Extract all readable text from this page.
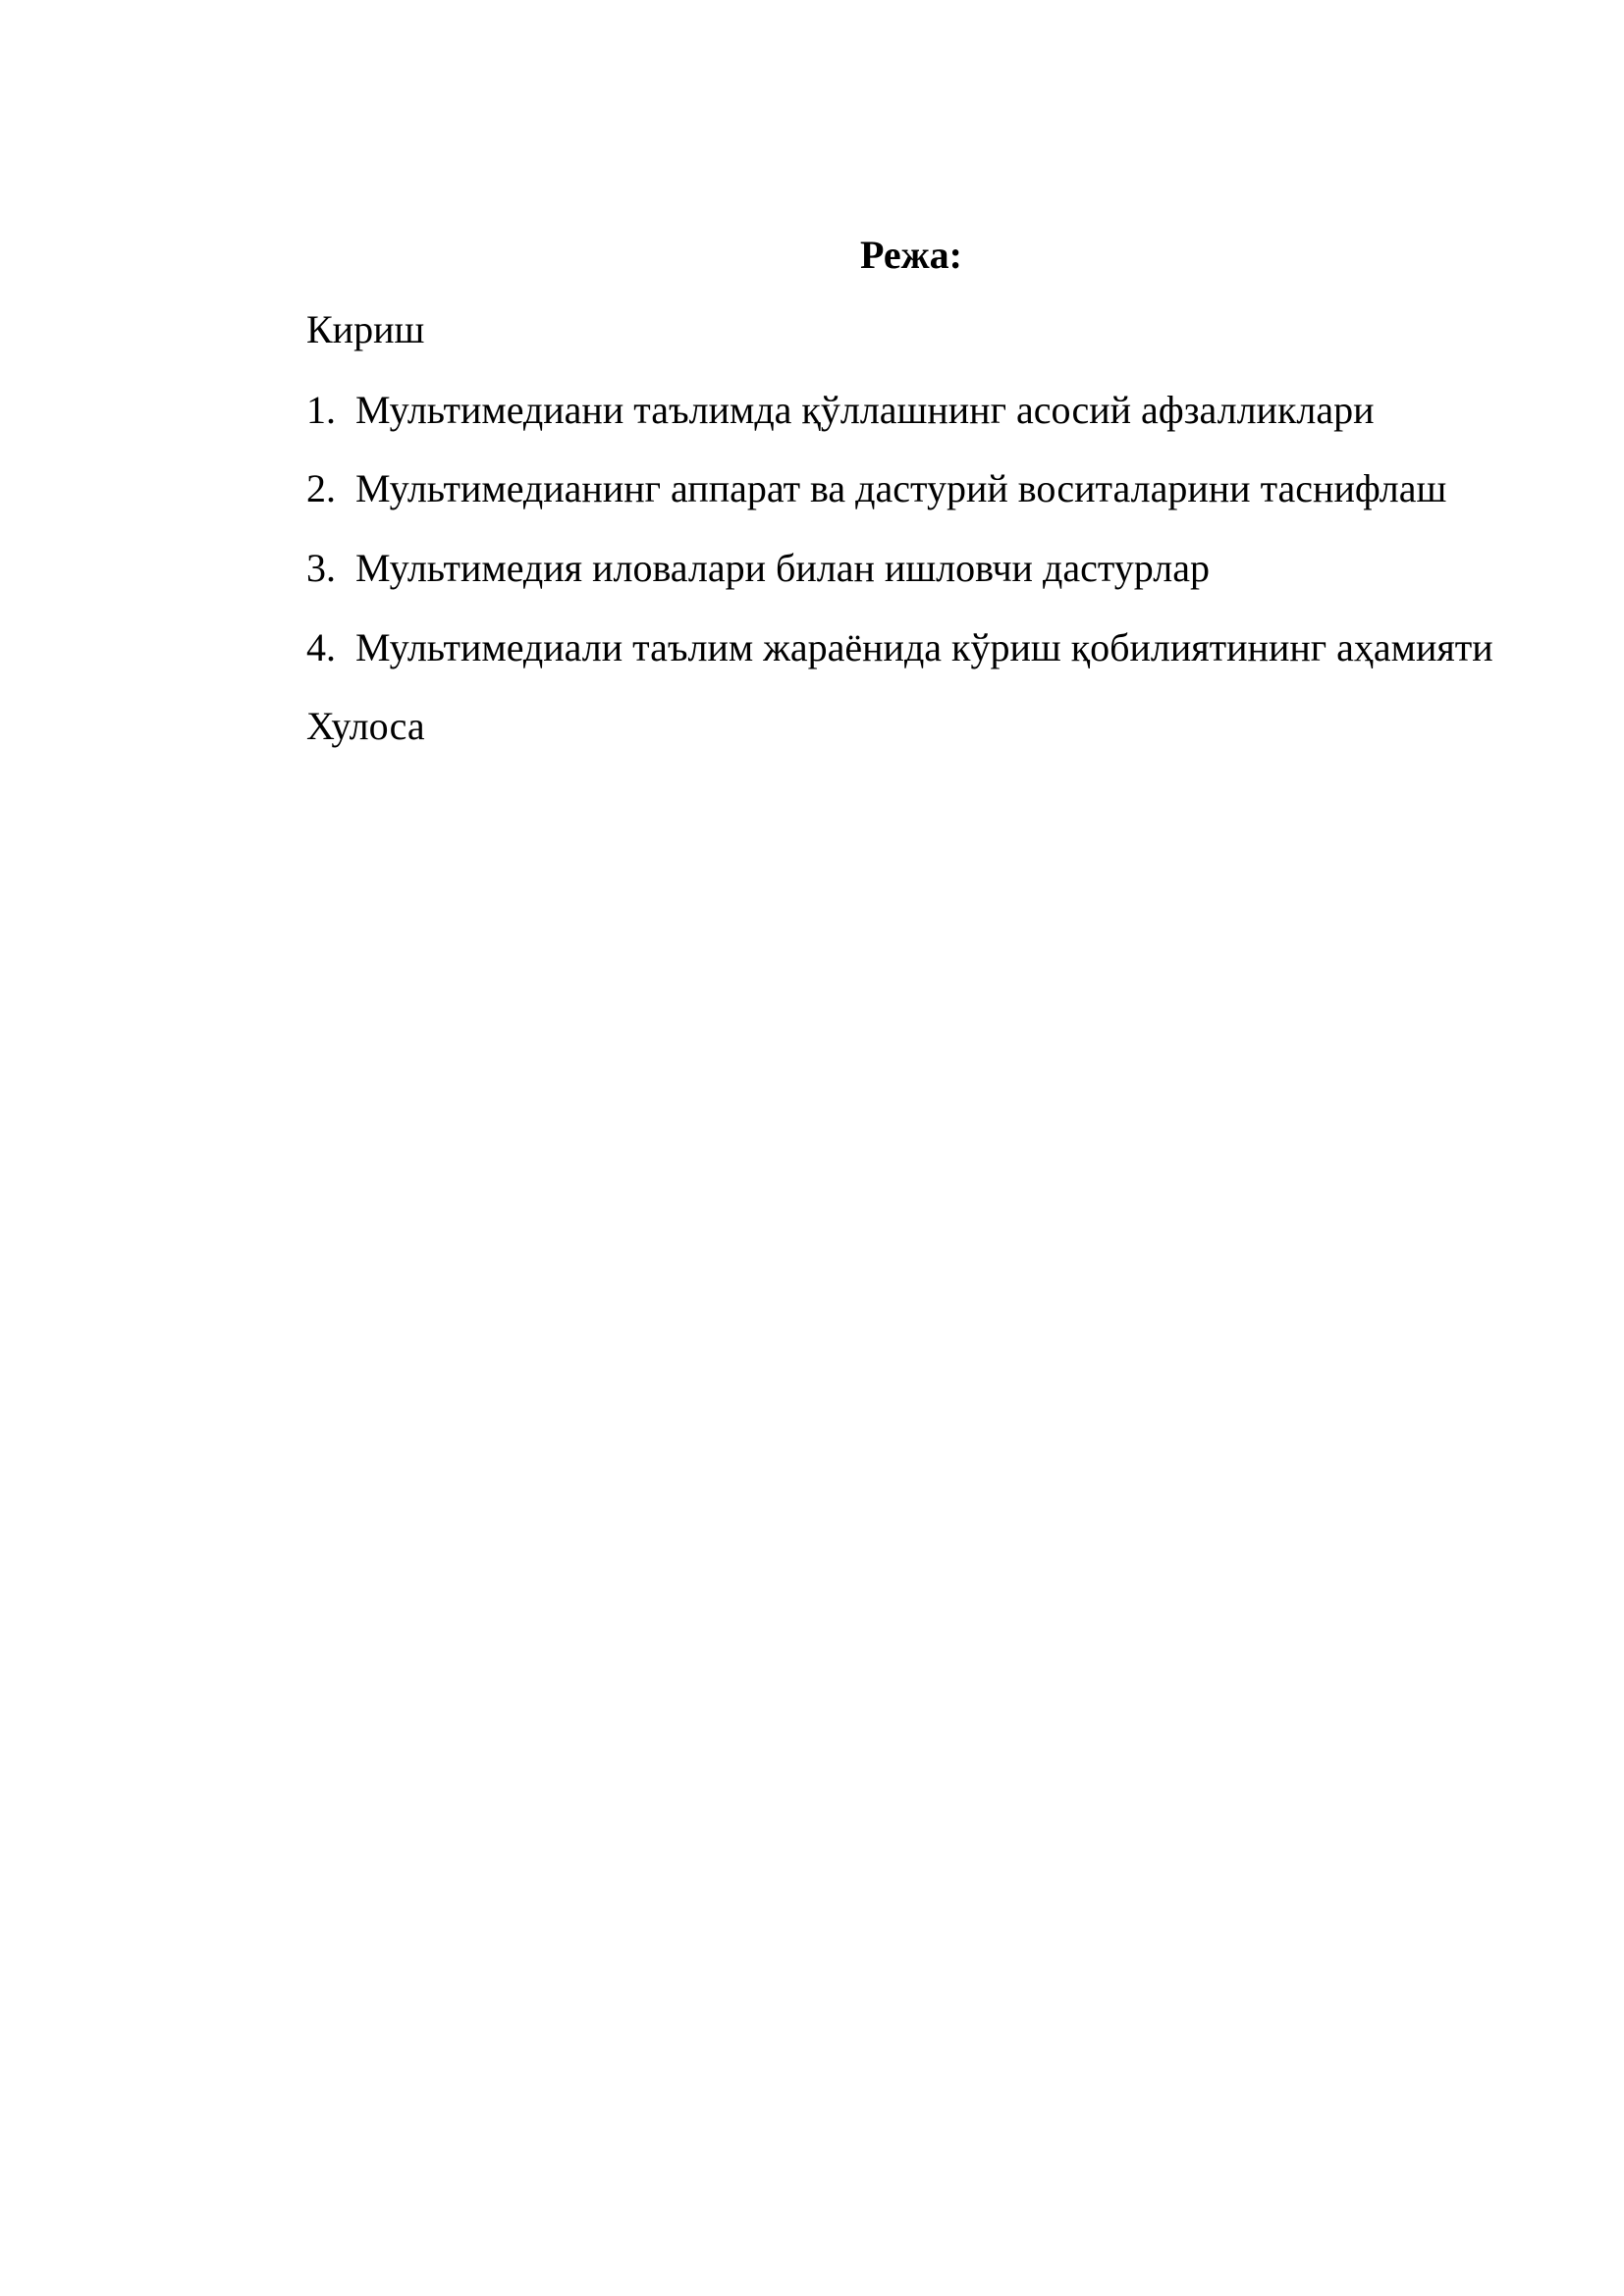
Режа:
Кириш
1. Мультимедиани таълимда қўллашнинг асосий афзалликлари
2. Мультимедианинг аппарат ва дастурий воситаларини таснифлаш
3. Мультимедия иловалари билан ишловчи дастурлар
4. Мультимедиали таълим жараёнида кўриш қобилиятининг аҳамияти
Хулоса
